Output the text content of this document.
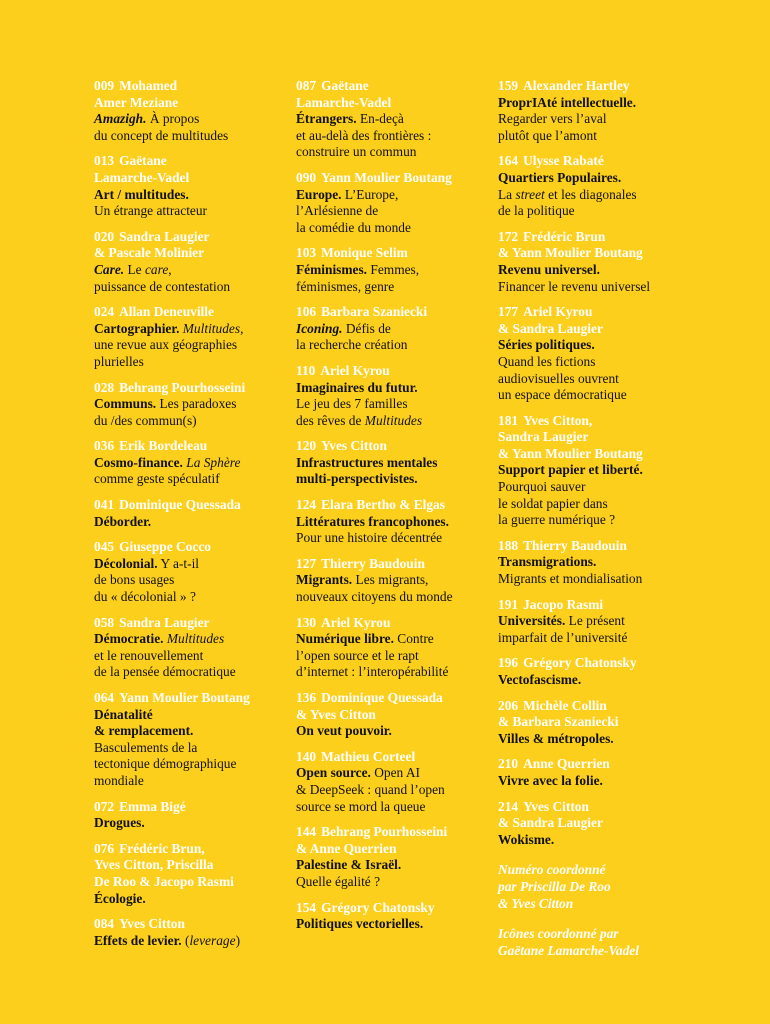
009 Mohamed
Amer Meziane
Amazigh. À propos
du concept de multitudes
013 Gaëtane
Lamarche-Vadel
Art / multitudes.
Un étrange attracteur
020 Sandra Laugier
& Pascale Molinier
Care. Le care,
puissance de contestation
024 Allan Deneuville
Cartographier. Multitudes,
une revue aux géographies
plurielles
028 Behrang Pourhosseini
Communs. Les paradoxes
du /des commun(s)
036 Erik Bordeleau
Cosmo-finance. La Sphère
comme geste spéculatif
041 Dominique Quessada
Déborder.
045 Giuseppe Cocco
Décolonial. Y a-t-il
de bons usages
du « décolonial » ?
058 Sandra Laugier
Démocratie. Multitudes
et le renouvellement
de la pensée démocratique
064 Yann Moulier Boutang
Dénatalité
& remplacement.
Basculements de la
tectonique démographique
mondiale
072 Emma Bigé
Drogues.
076 Frédéric Brun,
Yves Citton, Priscilla
De Roo & Jacopo Rasmi
Écologie.
084 Yves Citton
Effets de levier. (leverage)
087 Gaëtane
Lamarche-Vadel
Étrangers. En-deçà
et au-delà des frontières :
construire un commun
090 Yann Moulier Boutang
Europe. L’Europe,
l’Arlésienne de
la comédie du monde
103 Monique Selim
Féminismes. Femmes,
féminismes, genre
106 Barbara Szaniecki
Iconing. Défis de
la recherche création
110 Ariel Kyrou
Imaginaires du futur.
Le jeu des 7 familles
des rêves de Multitudes
120 Yves Citton
Infrastructures mentales
multi-perspectivistes.
124 Elara Bertho & Elgas
Littératures francophones.
Pour une histoire décentrée
127 Thierry Baudouin
Migrants. Les migrants,
nouveaux citoyens du monde
130 Ariel Kyrou
Numérique libre. Contre
l’open source et le rapt
d’internet : l’interopérabilité
136 Dominique Quessada
& Yves Citton
On veut pouvoir.
140 Mathieu Corteel
Open source. Open AI
& DeepSeek : quand l’open
source se mord la queue
144 Behrang Pourhosseini
& Anne Querrien
Palestine & Israël.
Quelle égalité ?
154 Grégory Chatonsky
Politiques vectorielles.
159 Alexander Hartley
ProprIAté intellectuelle.
Regarder vers l’aval
plutôt que l’amont
164 Ulysse Rabaté
Quartiers Populaires.
La street et les diagonales
de la politique
172 Frédéric Brun
& Yann Moulier Boutang
Revenu universel.
Financer le revenu universel
177 Ariel Kyrou
& Sandra Laugier
Séries politiques.
Quand les fictions
audiovisuelles ouvrent
un espace démocratique
181 Yves Citton,
Sandra Laugier
& Yann Moulier Boutang
Support papier et liberté.
Pourquoi sauver
le soldat papier dans
la guerre numérique ?
188 Thierry Baudouin
Transmigrations.
Migrants et mondialisation
191 Jacopo Rasmi
Universités. Le présent
imparfait de l’université
196 Grégory Chatonsky
Vectofascisme.
206 Michèle Collin
& Barbara Szaniecki
Villes & métropoles.
210 Anne Querrien
Vivre avec la folie.
214 Yves Citton
& Sandra Laugier
Wokisme.
Numéro coordonné
par Priscilla De Roo
& Yves Citton
Icônes coordonné par
Gaëtane Lamarche-Vadel
